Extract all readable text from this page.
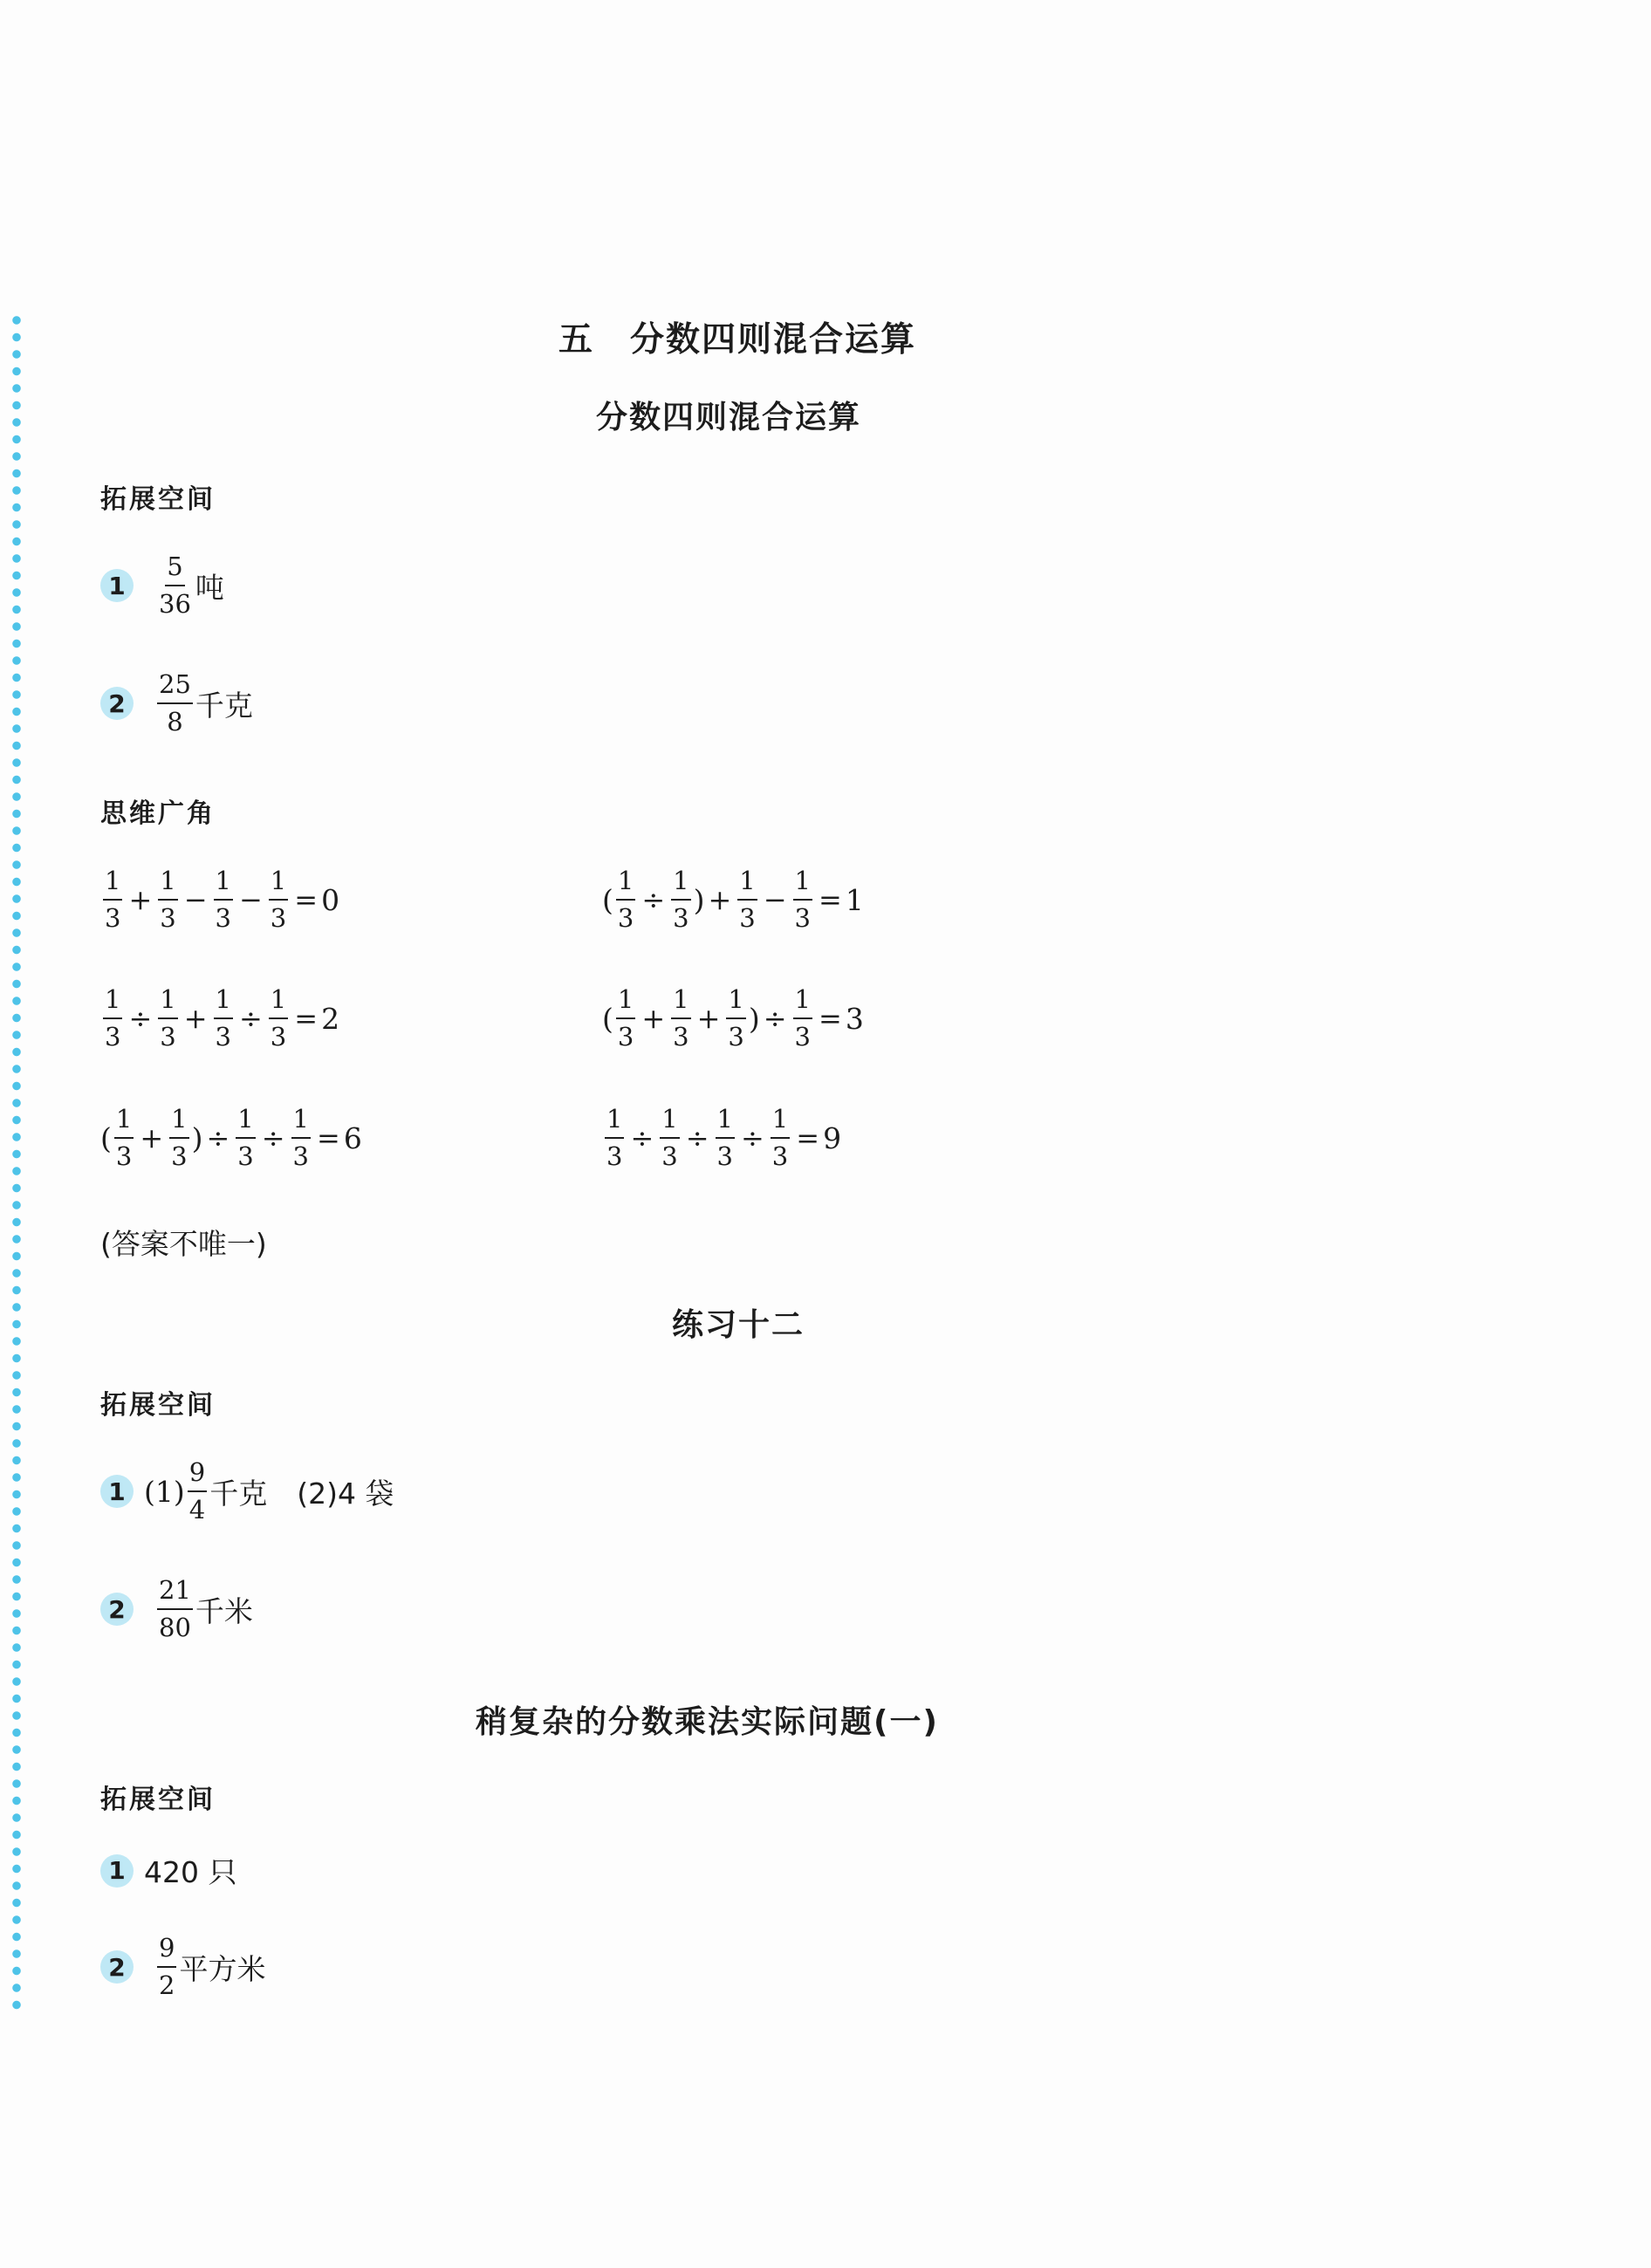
五　分数四则混合运算
分数四则混合运算
拓展空间
1	$\frac{5}{36}$ 吨
2	$\frac{25}{8}$ 千克
思维广角
$\frac{1}{3} + \frac{1}{3} - \frac{1}{3} - \frac{1}{3} = 0$	( $\frac{1}{3} \div \frac{1}{3}$ ) + $\frac{1}{3} - \frac{1}{3} = 1$
$\frac{1}{3} \div \frac{1}{3} + \frac{1}{3} \div \frac{1}{3} = 2$	( $\frac{1}{3} + \frac{1}{3} + \frac{1}{3}$ ) ÷ $\frac{1}{3} = 3$
( $\frac{1}{3} + \frac{1}{3}$ ) ÷ $\frac{1}{3} \div \frac{1}{3} = 6$	$\frac{1}{3} \div \frac{1}{3} \div \frac{1}{3} \div \frac{1}{3} = 9$
(答案不唯一)
练习十二
拓展空间
1 $(1) \frac{9}{4}$ 千克 (2)4 袋
2	$\frac{21}{80}$ 千米
稍复杂的分数乘法实际问题(一)
拓展空间
1 420 只
2	$\frac{9}{2}$ 平方米
